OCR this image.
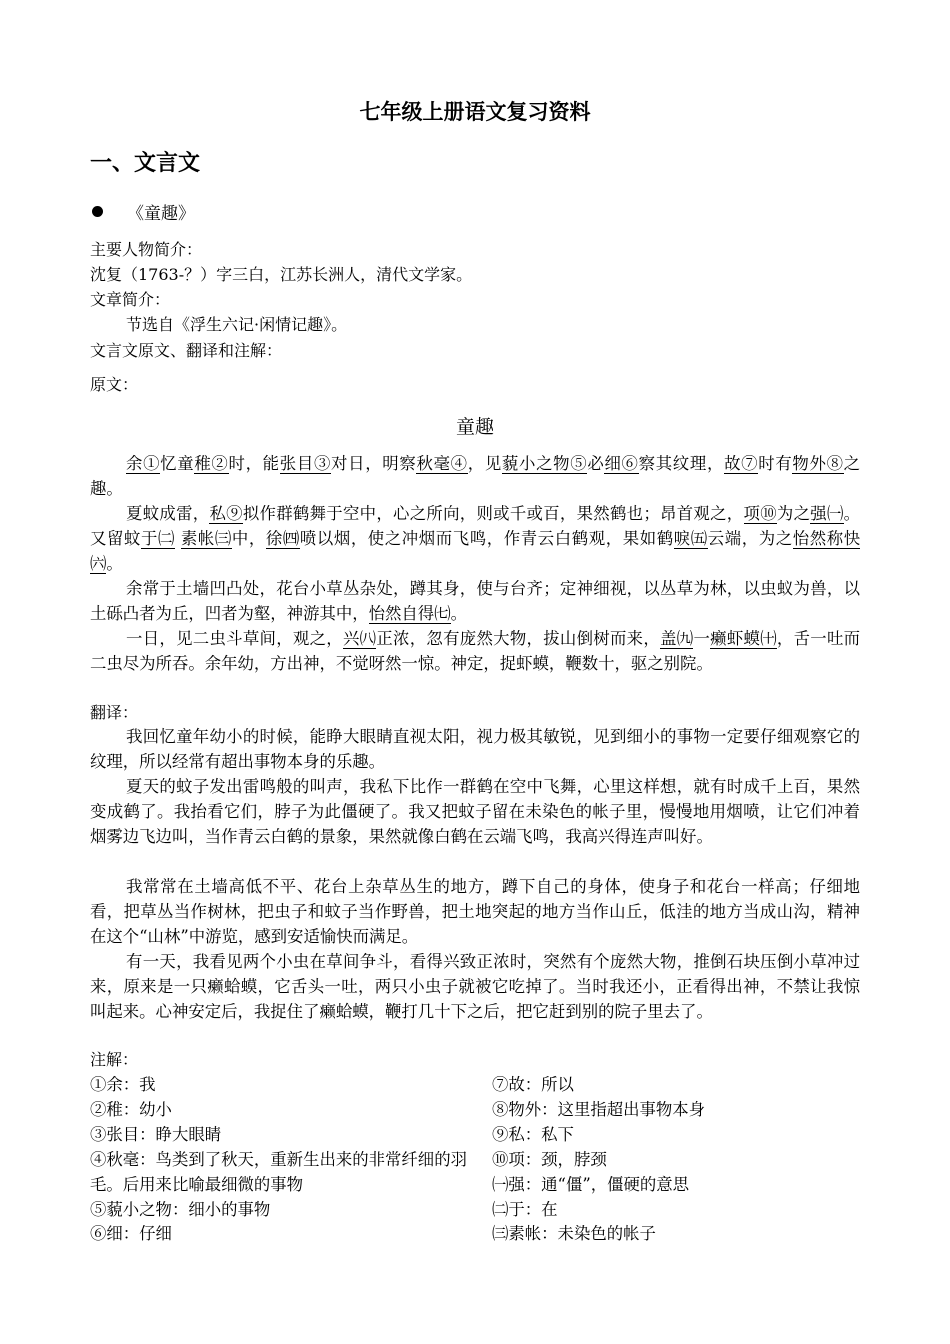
七年级上册语文复习资料
一、文言文
《童趣》
主要人物简介：
沈复（1763-？）字三白，江苏长洲人，清代文学家。
文章简介：
节选自《浮生六记·闲情记趣》。
文言文原文、翻译和注解：
原文：
童趣
余①忆童稚②时，能张目③对日，明察秋毫④，见藐小之物⑤必细⑥察其纹理，故⑦时有物外⑧之趣。
夏蚊成雷，私⑨拟作群鹤舞于空中，心之所向，则或千或百，果然鹤也；昂首观之，项⑩为之强㈠。又留蚊于㈡ 素帐㈢中，徐㈣喷以烟，使之冲烟而飞鸣，作青云白鹤观，果如鹤唳㈤云端，为之怡然称快㈥。
余常于土墙凹凸处，花台小草丛杂处，蹲其身，使与台齐；定神细视，以丛草为林，以虫蚁为兽，以土砾凸者为丘，凹者为壑，神游其中，怡然自得㈦。
一日，见二虫斗草间，观之，兴㈧正浓，忽有庞然大物，拔山倒树而来，盖㈨一癞虾蟆㈩，舌一吐而二虫尽为所吞。余年幼，方出神，不觉呀然一惊。神定，捉虾蟆，鞭数十，驱之别院。
翻译：
我回忆童年幼小的时候，能睁大眼睛直视太阳，视力极其敏锐，见到细小的事物一定要仔细观察它的纹理，所以经常有超出事物本身的乐趣。
夏天的蚊子发出雷鸣般的叫声，我私下比作一群鹤在空中飞舞，心里这样想，就有时成千上百，果然变成鹤了。我抬看它们，脖子为此僵硬了。我又把蚊子留在未染色的帐子里，慢慢地用烟喷，让它们冲着烟雾边飞边叫，当作青云白鹤的景象，果然就像白鹤在云端飞鸣，我高兴得连声叫好。
我常常在土墙高低不平、花台上杂草丛生的地方，蹲下自己的身体，使身子和花台一样高；仔细地看，把草丛当作树林，把虫子和蚊子当作野兽，把土地突起的地方当作山丘，低洼的地方当成山沟，精神在这个“山林”中游览，感到安适愉快而满足。
有一天，我看见两个小虫在草间争斗，看得兴致正浓时，突然有个庞然大物，推倒石块压倒小草冲过来，原来是一只癞蛤蟆，它舌头一吐，两只小虫子就被它吃掉了。当时我还小，正看得出神，不禁让我惊叫起来。心神安定后，我捉住了癞蛤蟆，鞭打几十下之后，把它赶到别的院子里去了。
注解：
①余：我
②稚：幼小
③张目：睁大眼睛
④秋毫：鸟类到了秋天，重新生出来的非常纤细的羽毛。后用来比喻最细微的事物
⑤藐小之物：细小的事物
⑥细：仔细
⑦故：所以
⑧物外：这里指超出事物本身
⑨私：私下
⑩项：颈，脖颈
㈠强：通“僵”，僵硬的意思
㈡于：在
㈢素帐：未染色的帐子
